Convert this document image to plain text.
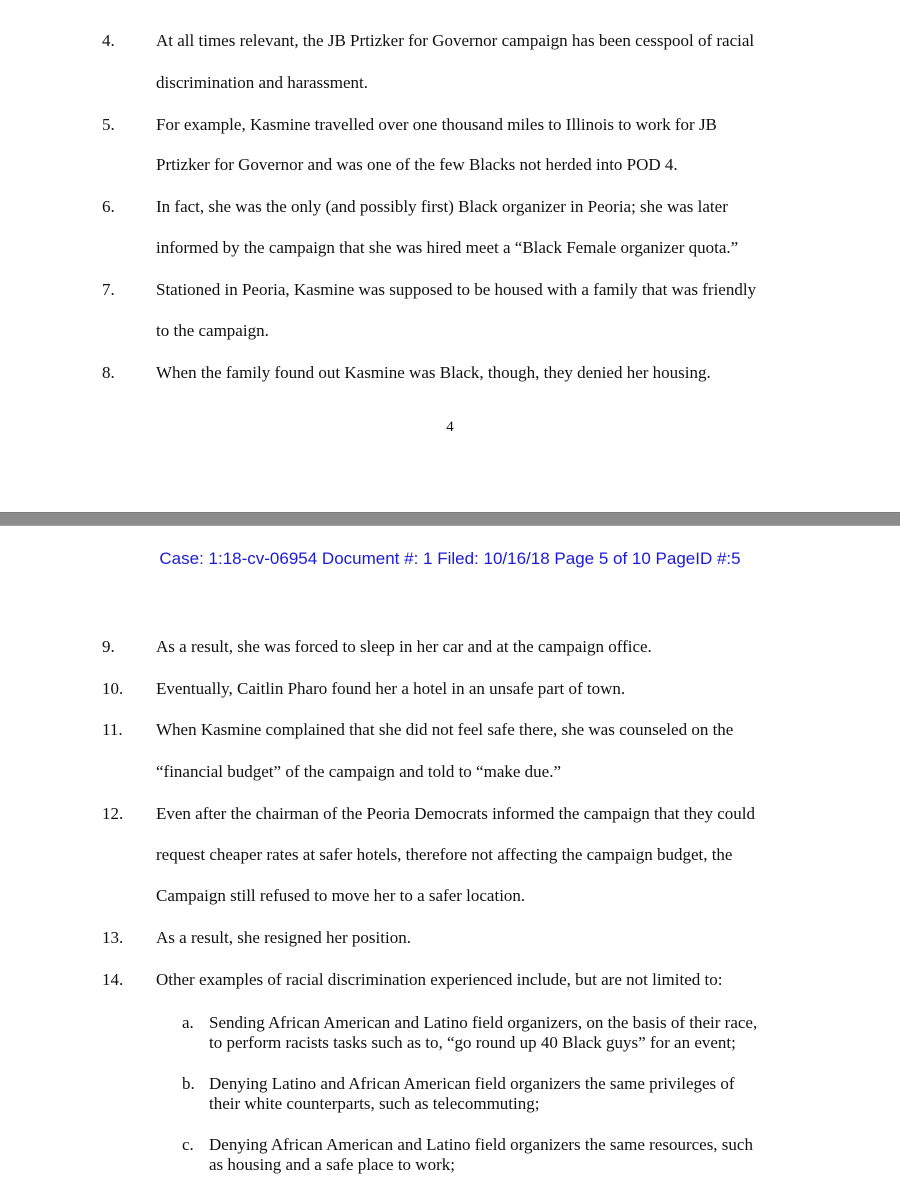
4.	At all times relevant, the JB Prtizker for Governor campaign has been cesspool of racial
discrimination and harassment.
5.	For example, Kasmine travelled over one thousand miles to Illinois to work for JB
Prtizker for Governor and was one of the few Blacks not herded into POD 4.
6.	In fact, she was the only (and possibly first) Black organizer in Peoria; she was later
informed by the campaign that she was hired meet a “Black Female organizer quota.”
7.	Stationed in Peoria, Kasmine was supposed to be housed with a family that was friendly
to the campaign.
8.	When the family found out Kasmine was Black, though, they denied her housing.
4
Case: 1:18-cv-06954 Document #: 1 Filed: 10/16/18 Page 5 of 10 PageID #:5
9.	As a result, she was forced to sleep in her car and at the campaign office.
10.	Eventually, Caitlin Pharo found her a hotel in an unsafe part of town.
11.	When Kasmine complained that she did not feel safe there, she was counseled on the
“financial budget” of the campaign and told to “make due.”
12.	Even after the chairman of the Peoria Democrats informed the campaign that they could
request cheaper rates at safer hotels, therefore not affecting the campaign budget, the
Campaign still refused to move her to a safer location.
13.	As a result, she resigned her position.
14.	Other examples of racial discrimination experienced include, but are not limited to:
a. Sending African American and Latino field organizers, on the basis of their race,
to perform racists tasks such as to, “go round up 40 Black guys” for an event;
b. Denying Latino and African American field organizers the same privileges of
their white counterparts, such as telecommuting;
c. Denying African American and Latino field organizers the same resources, such
as housing and a safe place to work;
